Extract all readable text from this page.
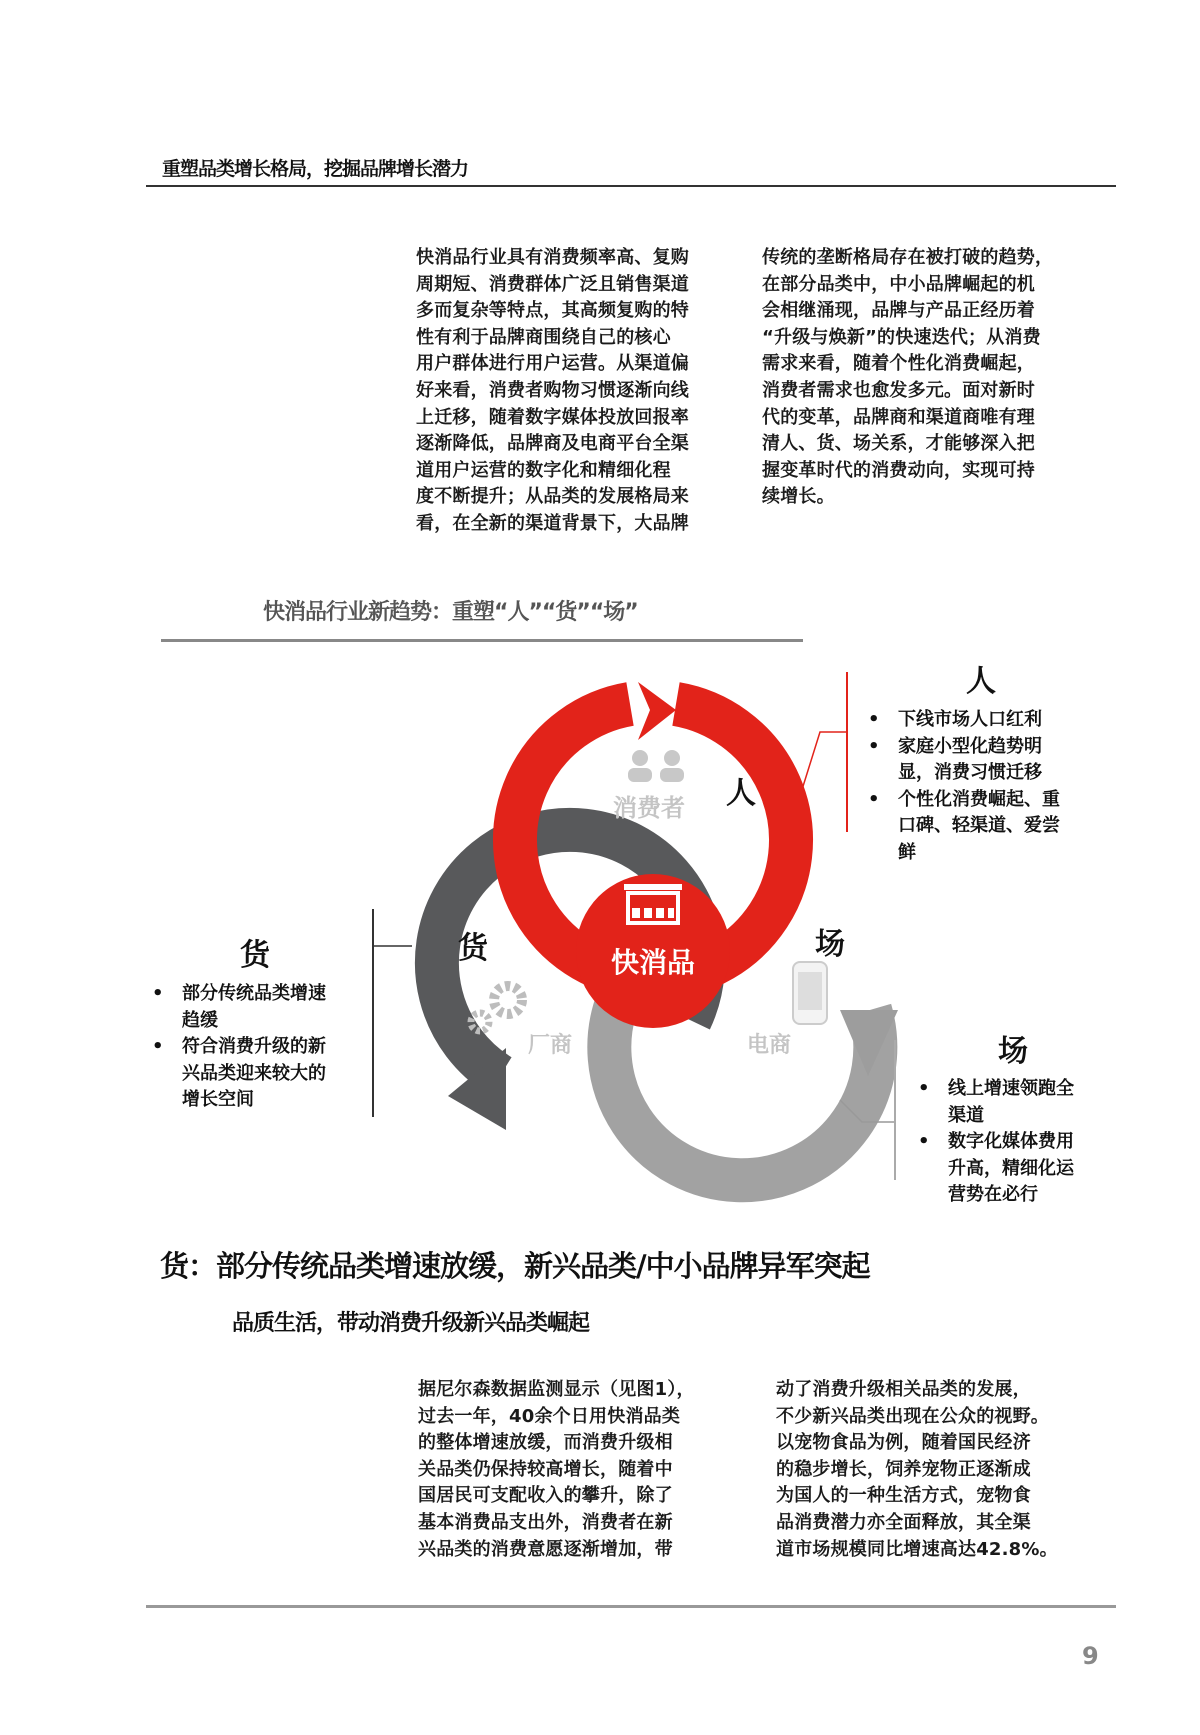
重塑品类增长格局，挖掘品牌增长潜力
快消品行业具有消费频率高、复购
周期短、消费群体广泛且销售渠道
多而复杂等特点，其高频复购的特
性有利于品牌商围绕自己的核心
用户群体进行用户运营。从渠道偏
好来看，消费者购物习惯逐渐向线
上迁移，随着数字媒体投放回报率
逐渐降低，品牌商及电商平台全渠
道用户运营的数字化和精细化程
度不断提升；从品类的发展格局来
看，在全新的渠道背景下，大品牌
传统的垄断格局存在被打破的趋势，
在部分品类中，中小品牌崛起的机
会相继涌现，品牌与产品正经历着
“升级与焕新”的快速迭代；从消费
需求来看，随着个性化消费崛起，
消费者需求也愈发多元。面对新时
代的变革，品牌商和渠道商唯有理
清人、货、场关系，才能够深入把
握变革时代的消费动向，实现可持
续增长。
快消品行业新趋势：重塑“人”“货”“场”
消费者 人
货	场
快消品
厂商	电商
人
• 下线市场人口红利
• 家庭小型化趋势明
显，消费习惯迁移
• 个性化消费崛起、重
口碑、轻渠道、爱尝
鲜
货
• 部分传统品类增速
趋缓
• 符合消费升级的新
兴品类迎来较大的
增长空间
场
• 线上增速领跑全
渠道
• 数字化媒体费用
升高，精细化运
营势在必行
货：部分传统品类增速放缓，新兴品类/中小品牌异军突起
品质生活，带动消费升级新兴品类崛起
据尼尔森数据监测显示（见图1），
过去一年，40余个日用快消品类
的整体增速放缓，而消费升级相
关品类仍保持较高增长，随着中
国居民可支配收入的攀升，除了
基本消费品支出外，消费者在新
兴品类的消费意愿逐渐增加，带
动了消费升级相关品类的发展，
不少新兴品类出现在公众的视野。
以宠物食品为例，随着国民经济
的稳步增长，饲养宠物正逐渐成
为国人的一种生活方式，宠物食
品消费潜力亦全面释放，其全渠
道市场规模同比增速高达42.8%。
9
